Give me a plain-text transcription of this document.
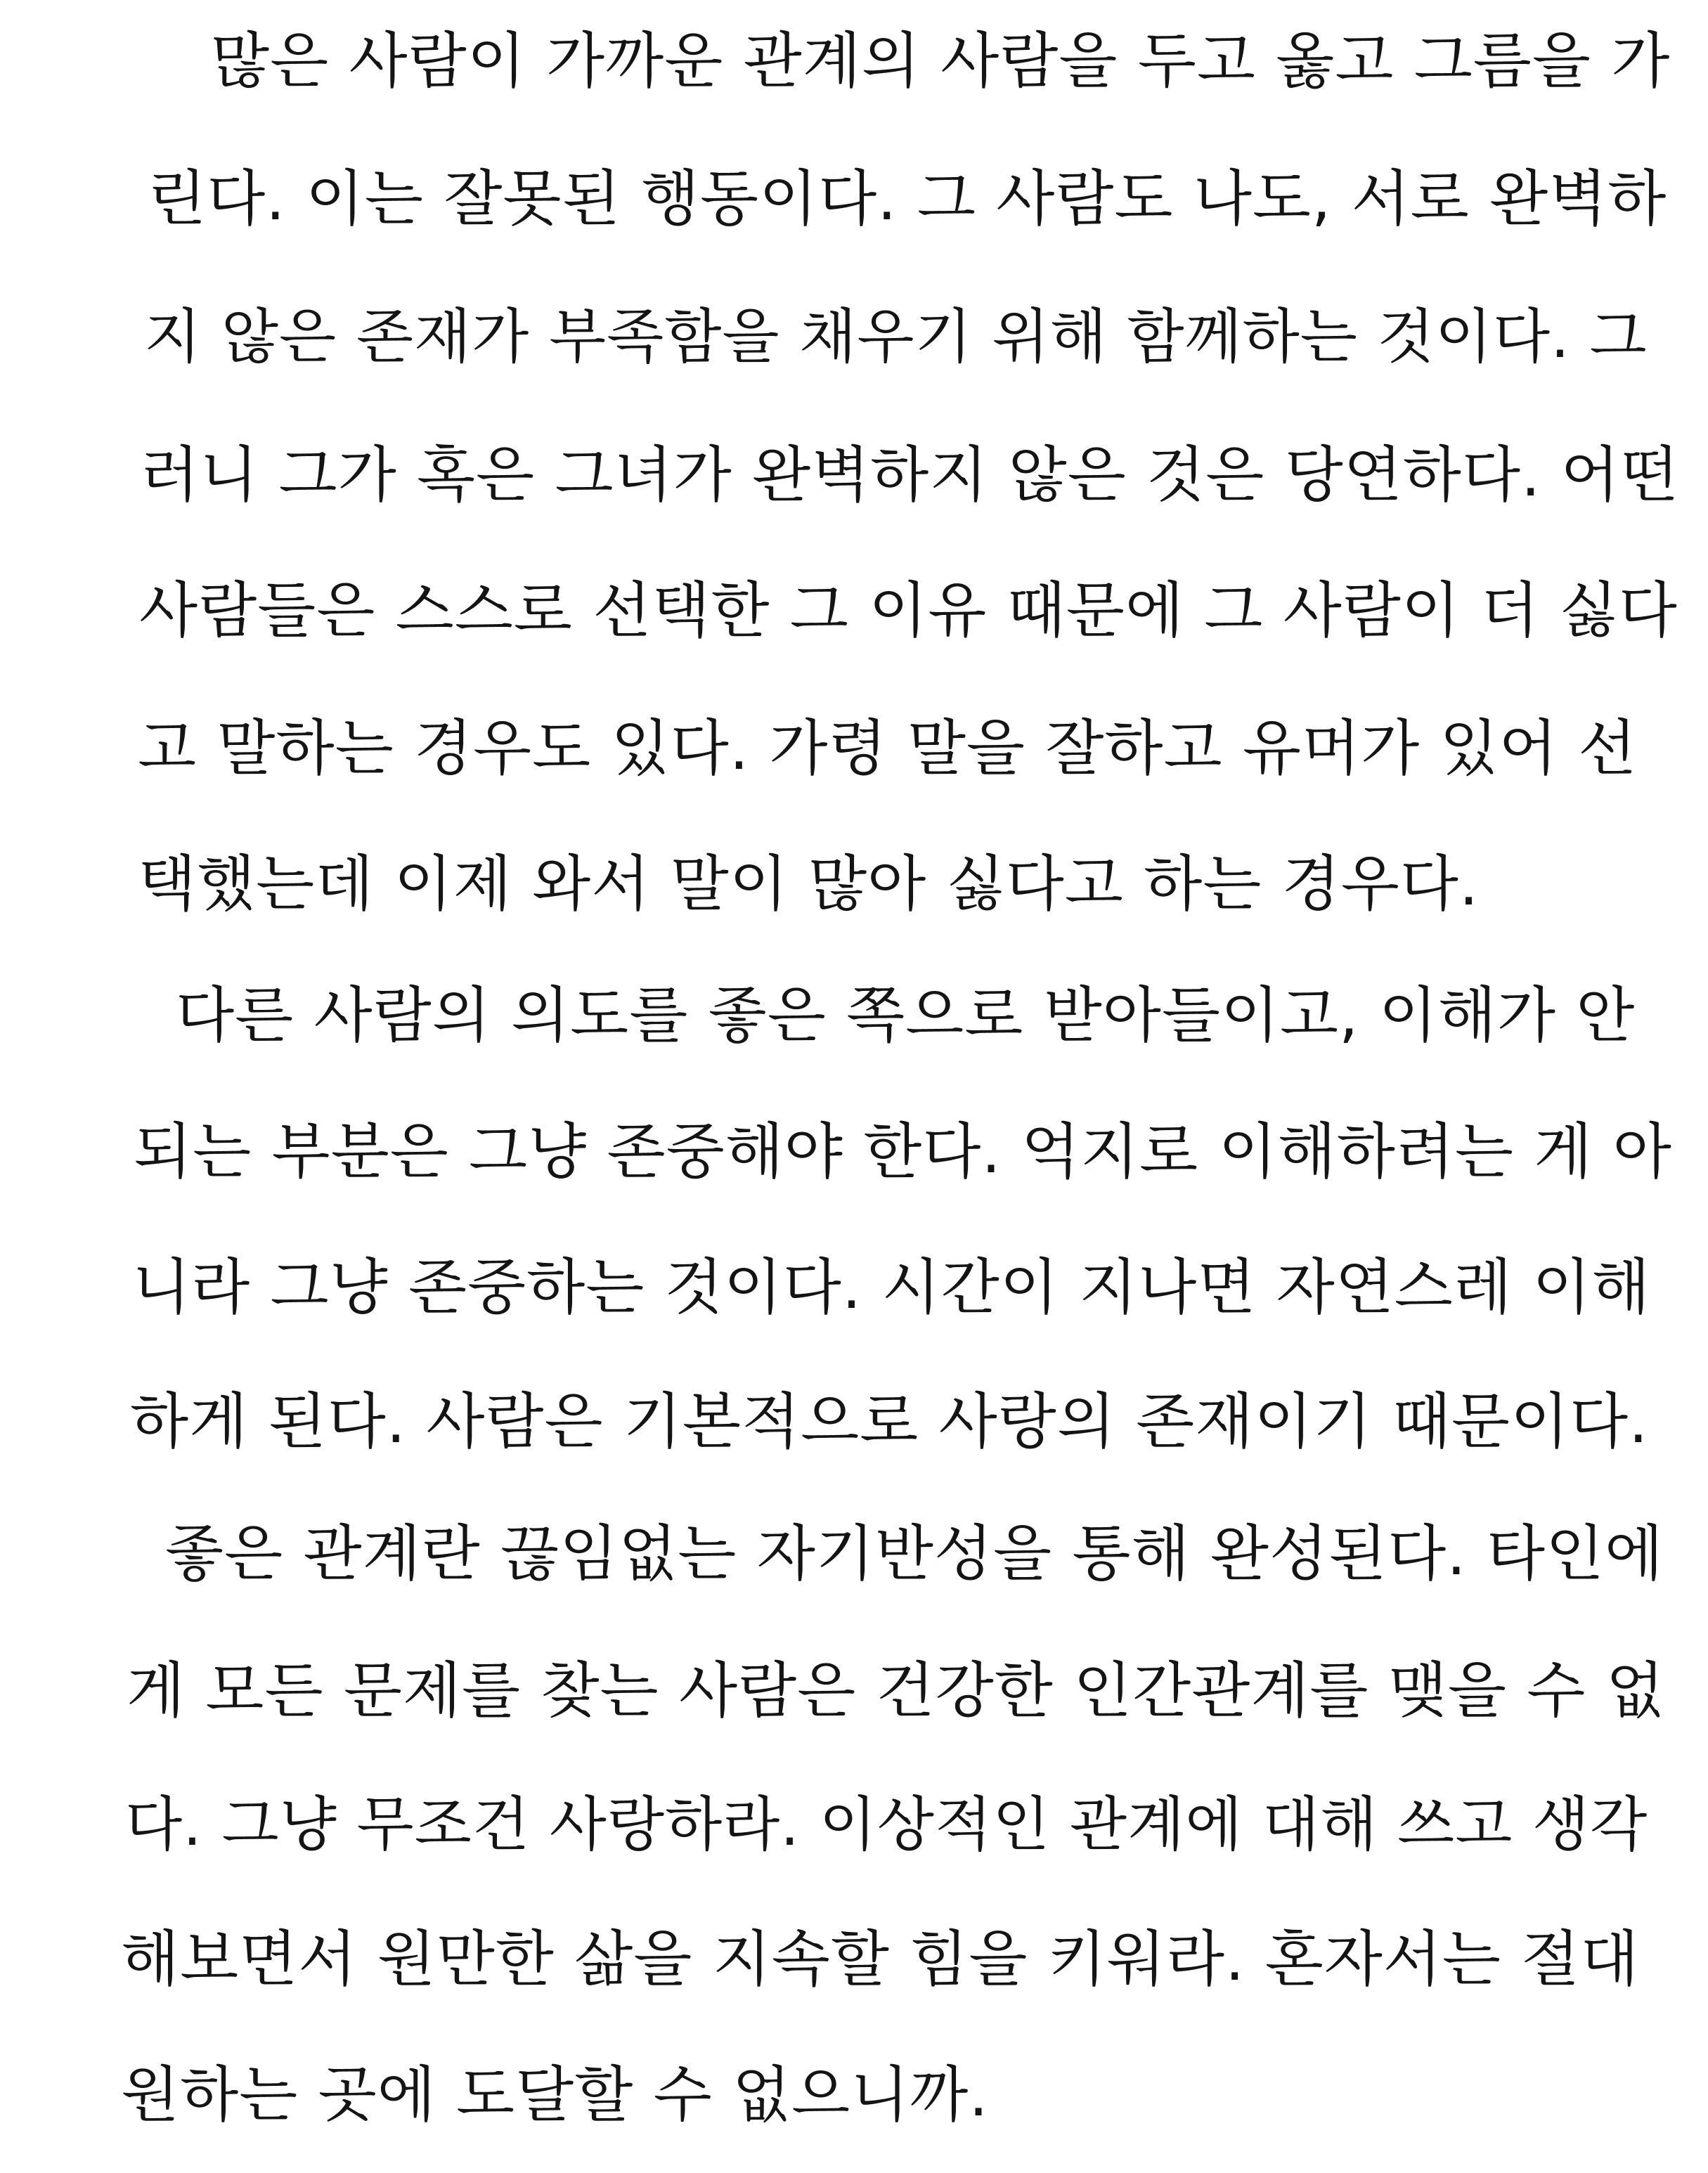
많은 사람이 가까운 관계의 사람을 두고 옳고 그름을 가

린다. 이는 잘못된 행동이다. 그 사람도 나도, 서로 완벽하

지 않은 존재가 부족함을 채우기 위해 함께하는 것이다. 그

러니 그가 혹은 그녀가 완벽하지 않은 것은 당연하다. 어떤

사람들은 스스로 선택한 그 이유 때문에 그 사람이 더 싫다

고 말하는 경우도 있다. 가령 말을 잘하고 유머가 있어 선

택했는데 이제 와서 말이 많아 싫다고 하는 경우다.

다른 사람의 의도를 좋은 쪽으로 받아들이고, 이해가 안

되는 부분은 그냥 존중해야 한다. 억지로 이해하려는 게 아

니라 그냥 존중하는 것이다. 시간이 지나면 자연스레 이해

하게 된다. 사람은 기본적으로 사랑의 존재이기 때문이다.

좋은 관계란 끊임없는 자기반성을 통해 완성된다. 타인에

게 모든 문제를 찾는 사람은 건강한 인간관계를 맺을 수 없

다. 그냥 무조건 사랑하라. 이상적인 관계에 대해 쓰고 생각

해보면서 원만한 삶을 지속할 힘을 키워라. 혼자서는 절대

원하는 곳에 도달할 수 없으니까.
